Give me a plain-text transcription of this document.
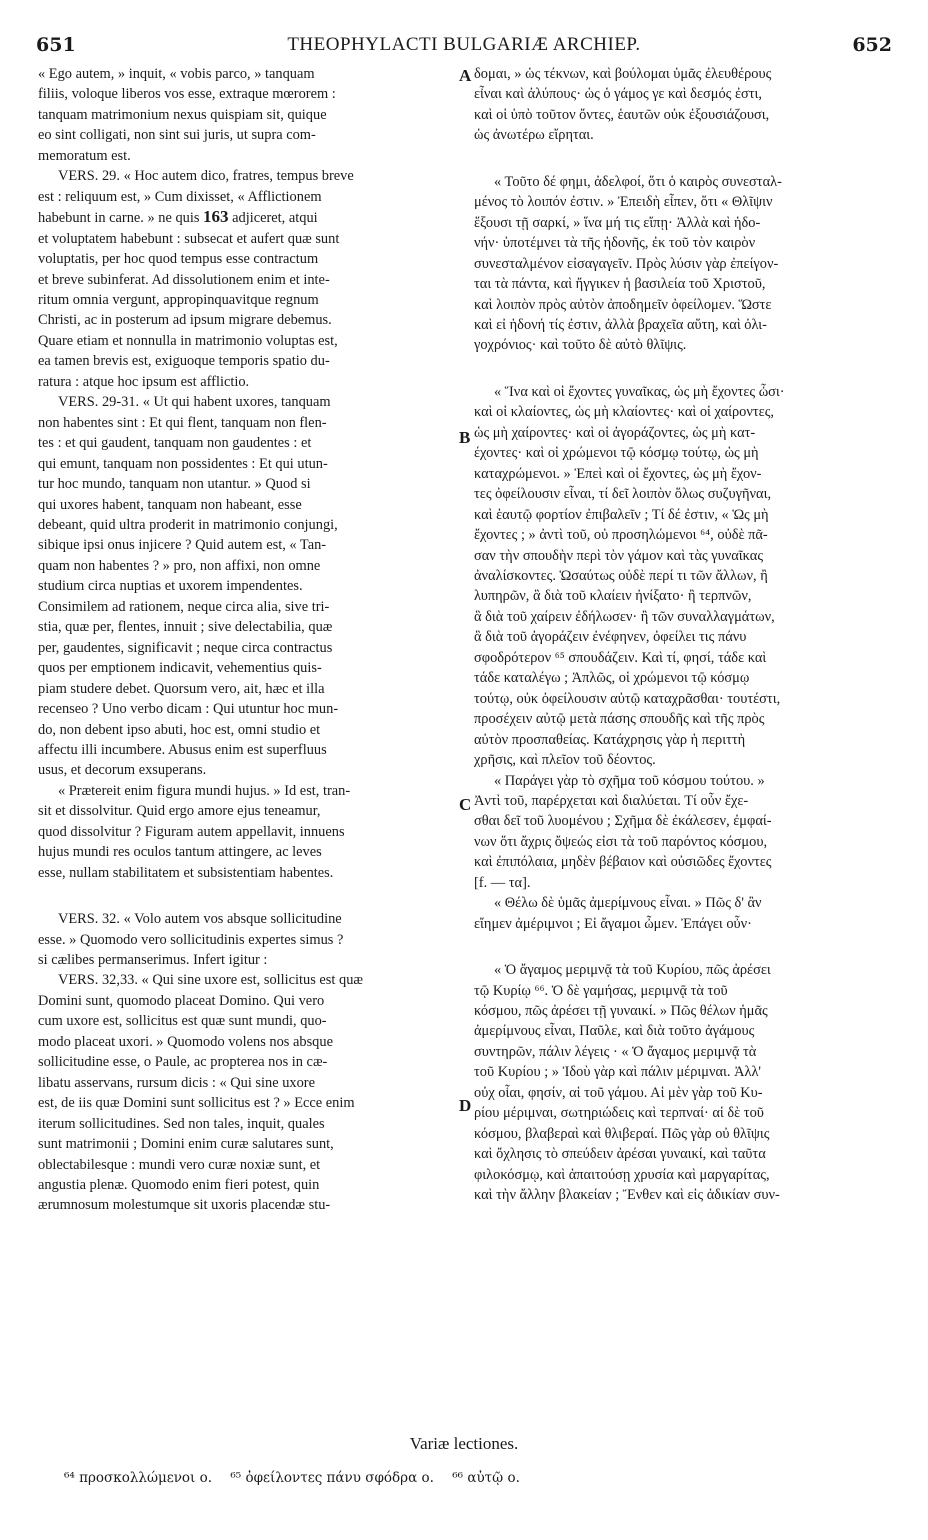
651	THEOPHYLACTI BULGARIÆ ARCHIEP.	652
« Ego autem, » inquit, « vobis parco, » tanquam
filiis, voloque liberos vos esse, extraque mœrorem :
tanquam matrimonium nexus quispiam sit, quique
eo sint colligati, non sint sui juris, ut supra com-
memoratum est.
VERS. 29. « Hoc autem dico, fratres, tempus breve
est : reliquum est, » Cum dixisset, « Afflictionem
habebunt in carne. » ne quis 163 adjiceret, atqui
et voluptatem habebunt : subsecat et aufert quæ sunt
voluptatis, per hoc quod tempus esse contractum
et breve subinferat. Ad dissolutionem enim et inte-
ritum omnia vergunt, appropinquavitque regnum
Christi, ac in posterum ad ipsum migrare debemus.
Quare etiam et nonnulla in matrimonio voluptas est,
ea tamen brevis est, exiguoque temporis spatio du-
ratura : atque hoc ipsum est afflictio.
VERS. 29-31. « Ut qui habent uxores, tanquam
non habentes sint : Et qui flent, tanquam non flen-
tes : et qui gaudent, tanquam non gaudentes : et
qui emunt, tanquam non possidentes : Et qui utun-
tur hoc mundo, tanquam non utantur. » Quod si
qui uxores habent, tanquam non habeant, esse
debeant, quid ultra proderit in matrimonio conjungi,
sibique ipsi onus injicere ? Quid autem est, « Tan-
quam non habentes ? » pro, non affixi, non omne
studium circa nuptias et uxorem impendentes.
Consimilem ad rationem, neque circa alia, sive tri-
stia, quæ per, flentes, innuit ; sive delectabilia, quæ
per, gaudentes, significavit ; neque circa contractus
quos per emptionem indicavit, vehementius quis-
piam studere debet. Quorsum vero, ait, hæc et illa
recenseo ? Uno verbo dicam : Qui utuntur hoc mun-
do, non debent ipso abuti, hoc est, omni studio et
affectu illi incumbere. Abusus enim est superfluus
usus, et decorum exsuperans.
« Prætereit enim figura mundi hujus. » Id est, tran-
sit et dissolvitur. Quid ergo amore ejus teneamur,
quod dissolvitur ? Figuram autem appellavit, innuens
hujus mundi res oculos tantum attingere, ac leves
esse, nullam stabilitatem et subsistentiam habentes.
VERS. 32. « Volo autem vos absque sollicitudine
esse. » Quomodo vero sollicitudinis expertes simus ?
si cælibes permanserimus. Infert igitur :
VERS. 32,33. « Qui sine uxore est, sollicitus est quæ
Domini sunt, quomodo placeat Domino. Qui vero
cum uxore est, sollicitus est quæ sunt mundi, quo-
modo placeat uxori. » Quomodo volens nos absque
sollicitudine esse, o Paule, ac propterea nos in cæ-
libatu asservans, rursum dicis : « Qui sine uxore
est, de iis quæ Domini sunt sollicitus est ? » Ecce enim
iterum sollicitudines. Sed non tales, inquit, quales
sunt matrimonii ; Domini enim curæ salutares sunt,
oblectabilesque : mundi vero curæ noxiæ sunt, et
angustia plenæ. Quomodo enim fieri potest, quin
ærumnosum molestumque sit uxoris placendæ stu-
δομαι, » ὡς τέκνων, καὶ βούλομαι ὑμᾶς ἐλευθέρους
εἶναι καὶ ἀλύπους· ὡς ὁ γάμος γε καὶ δεσμός ἐστι,
καὶ οἱ ὑπὸ τοῦτον ὄντες, ἑαυτῶν οὐκ ἐξουσιάζουσι,
ὡς ἀνωτέρω εἴρηται.
« Τοῦτο δέ φημι, ἀδελφοί, ὅτι ὁ καιρὸς συνεσταλ-
μένος τὸ λοιπόν ἐστιν. » Ἐπειδὴ εἶπεν, ὅτι « Θλῖψιν
ἕξουσι τῇ σαρκί, » ἵνα μή τις εἴπῃ· Ἀλλὰ καὶ ἡδο-
νήν· ὑποτέμνει τὰ τῆς ἡδονῆς, ἐκ τοῦ τὸν καιρὸν
συνεσταλμένον εἰσαγαγεῖν. Πρὸς λύσιν γὰρ ἐπείγον-
ται τὰ πάντα, καὶ ἤγγικεν ἡ βασιλεία τοῦ Χριστοῦ,
καὶ λοιπὸν πρὸς αὐτὸν ἀποδημεῖν ὀφείλομεν. Ὥστε
καὶ εἰ ἡδονή τίς ἐστιν, ἀλλὰ βραχεῖα αὕτη, καὶ ὀλι-
γοχρόνιος· καὶ τοῦτο δὲ αὐτὸ θλῖψις.
« Ἵνα καὶ οἱ ἔχοντες γυναῖκας, ὡς μὴ ἔχοντες ὦσι·
καὶ οἱ κλαίοντες, ὡς μὴ κλαίοντες· καὶ οἱ χαίροντες,
ὡς μὴ χαίροντες· καὶ οἱ ἀγοράζοντες, ὡς μὴ κατ-
έχοντες· καὶ οἱ χρώμενοι τῷ κόσμῳ τούτῳ, ὡς μὴ
καταχρώμενοι. » Ἐπεὶ καὶ οἱ ἔχοντες, ὡς μὴ ἔχον-
τες ὀφείλουσιν εἶναι, τί δεῖ λοιπὸν ὅλως συζυγῆναι,
καὶ ἑαυτῷ φορτίον ἐπιβαλεῖν ; Τί δέ ἐστιν, « Ὡς μὴ
ἔχοντες ; » ἀντὶ τοῦ, οὐ προσηλώμενοι ⁶⁴, οὐδὲ πᾶ-
σαν τὴν σπουδὴν περὶ τὸν γάμον καὶ τὰς γυναῖκας
ἀναλίσκοντες. Ὡσαύτως οὐδὲ περί τι τῶν ἄλλων, ἢ
λυπηρῶν, ἃ διὰ τοῦ κλαίειν ἠνίξατο· ἢ τερπνῶν,
ἃ διὰ τοῦ χαίρειν ἐδήλωσεν· ἢ τῶν συναλλαγμάτων,
ἃ διὰ τοῦ ἀγοράζειν ἐνέφηνεν, ὀφείλει τις πάνυ
σφοδρότερον ⁶⁵ σπουδάζειν. Καὶ τί, φησί, τάδε καὶ
τάδε καταλέγω ; Ἁπλῶς, οἱ χρώμενοι τῷ κόσμῳ
τούτῳ, οὐκ ὀφείλουσιν αὐτῷ καταχρᾶσθαι· τουτέστι,
προσέχειν αὐτῷ μετὰ πάσης σπουδῆς καὶ τῆς πρὸς
αὐτὸν προσπαθείας. Κατάχρησις γὰρ ἡ περιττὴ
χρῆσις, καὶ πλεῖον τοῦ δέοντος.
« Παράγει γὰρ τὸ σχῆμα τοῦ κόσμου τούτου. »
Ἀντὶ τοῦ, παρέρχεται καὶ διαλύεται. Τί οὖν ἔχε-
σθαι δεῖ τοῦ λυομένου ; Σχῆμα δὲ ἐκάλεσεν, ἐμφαί-
νων ὅτι ἄχρις ὄψεώς εἰσι τὰ τοῦ παρόντος κόσμου,
καὶ ἐπιπόλαια, μηδὲν βέβαιον καὶ οὐσιῶδες ἔχοντες
[f. — τα].
« Θέλω δὲ ὑμᾶς ἀμερίμνους εἶναι. » Πῶς δ' ἂν
εἴημεν ἀμέριμνοι ; Εἰ ἄγαμοι ὦμεν. Ἐπάγει οὖν·
« Ὁ ἄγαμος μεριμνᾷ τὰ τοῦ Κυρίου, πῶς ἀρέσει
τῷ Κυρίῳ ⁶⁶. Ὁ δὲ γαμήσας, μεριμνᾷ τὰ τοῦ
κόσμου, πῶς ἀρέσει τῇ γυναικί. » Πῶς θέλων ἡμᾶς
ἀμερίμνους εἶναι, Παῦλε, καὶ διὰ τοῦτο ἀγάμους
συντηρῶν, πάλιν λέγεις · « Ὁ ἄγαμος μεριμνᾷ τὰ
τοῦ Κυρίου ; » Ἰδοὺ γὰρ καὶ πάλιν μέριμναι. Ἀλλ'
οὐχ οἷαι, φησίν, αἱ τοῦ γάμου. Αἱ μὲν γὰρ τοῦ Κυ-
ρίου μέριμναι, σωτηριώδεις καὶ τερπναί· αἱ δὲ τοῦ
κόσμου, βλαβεραὶ καὶ θλιβεραί. Πῶς γὰρ οὐ θλῖψις
καὶ ὄχλησις τὸ σπεύδειν ἀρέσαι γυναικί, καὶ ταῦτα
φιλοκόσμῳ, καὶ ἀπαιτούσῃ χρυσία καὶ μαργαρίτας,
καὶ τὴν ἄλλην βλακείαν ; Ἔνθεν καὶ εἰς ἀδικίαν συν-
A
B
C
D
Variæ lectiones.
⁶⁴ προσκολλώμενοι ο. ⁶⁵ ὀφείλοντες πάνυ σφόδρα ο. ⁶⁶ αὐτῷ ο.
